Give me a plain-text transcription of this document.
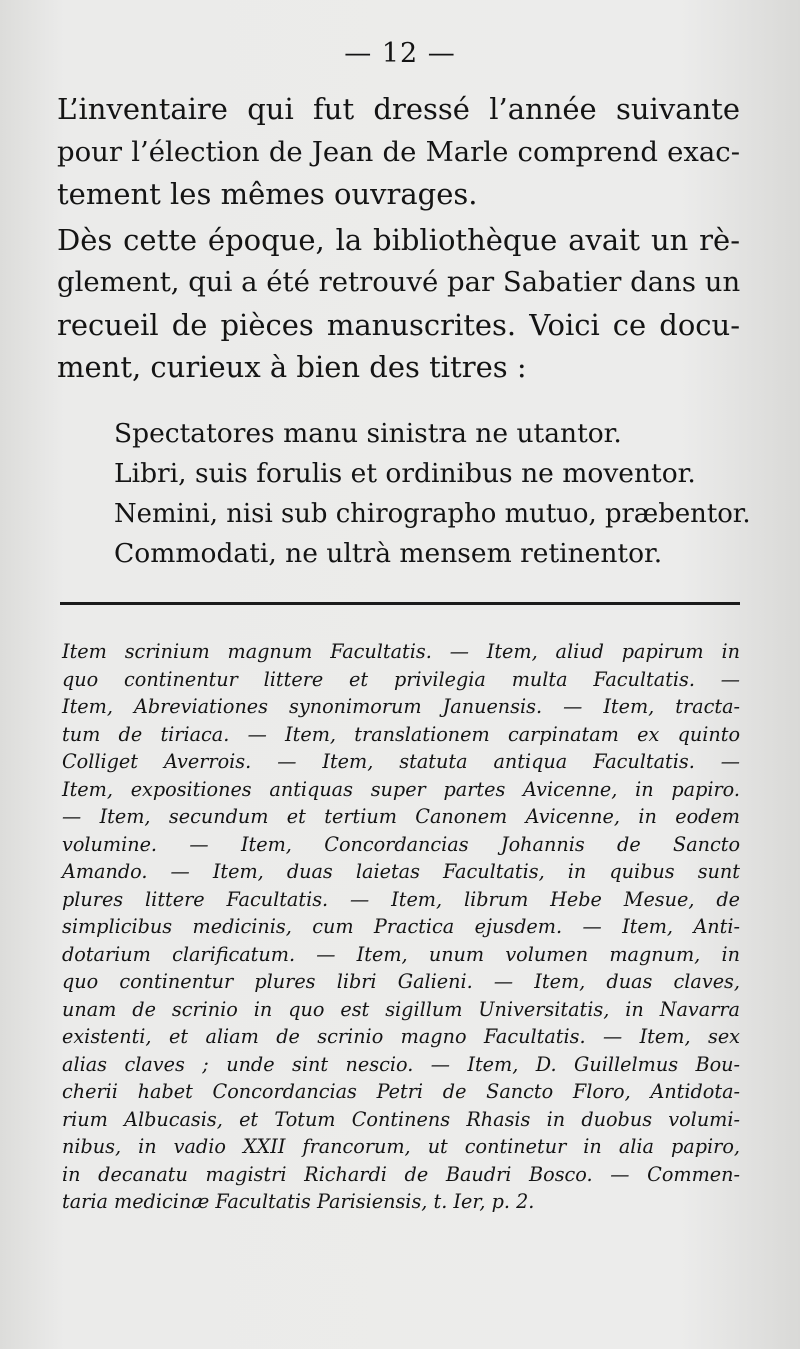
— 12 —
L’inventaire qui fut dressé l’année suivante
pour l’élection de Jean de Marle comprend exac-
tement les mêmes ouvrages.
Dès cette époque, la bibliothèque avait un rè-
glement, qui a été retrouvé par Sabatier dans un
recueil de pièces manuscrites. Voici ce docu-
ment, curieux à bien des titres :
Spectatores manu sinistra ne utantor.
Libri, suis forulis et ordinibus ne moventor.
Nemini, nisi sub chirographo mutuo, præbentor.
Commodati, ne ultrà mensem retinentor.
Item scrinium magnum Facultatis. — Item, aliud papirum in
quo continentur littere et privilegia multa Facultatis. —
Item, Abreviationes synonimorum Januensis. — Item, tracta-
tum de tiriaca. — Item, translationem carpinatam ex quinto
Colliget Averrois. — Item, statuta antiqua Facultatis. —
Item, expositiones antiquas super partes Avicenne, in papiro.
— Item, secundum et tertium Canonem Avicenne, in eodem
volumine. — Item, Concordancias Johannis de Sancto
Amando. — Item, duas laietas Facultatis, in quibus sunt
plures littere Facultatis. — Item, librum Hebe Mesue, de
simplicibus medicinis, cum Practica ejusdem. — Item, Anti-
dotarium clarificatum. — Item, unum volumen magnum, in
quo continentur plures libri Galieni. — Item, duas claves,
unam de scrinio in quo est sigillum Universitatis, in Navarra
existenti, et aliam de scrinio magno Facultatis. — Item, sex
alias claves ; unde sint nescio. — Item, D. Guillelmus Bou-
cherii habet Concordancias Petri de Sancto Floro, Antidota-
rium Albucasis, et Totum Continens Rhasis in duobus volumi-
nibus, in vadio XXII francorum, ut continetur in alia papiro,
in decanatu magistri Richardi de Baudri Bosco. — Commen-
taria medicinæ Facultatis Parisiensis, t. Ier, p. 2.
